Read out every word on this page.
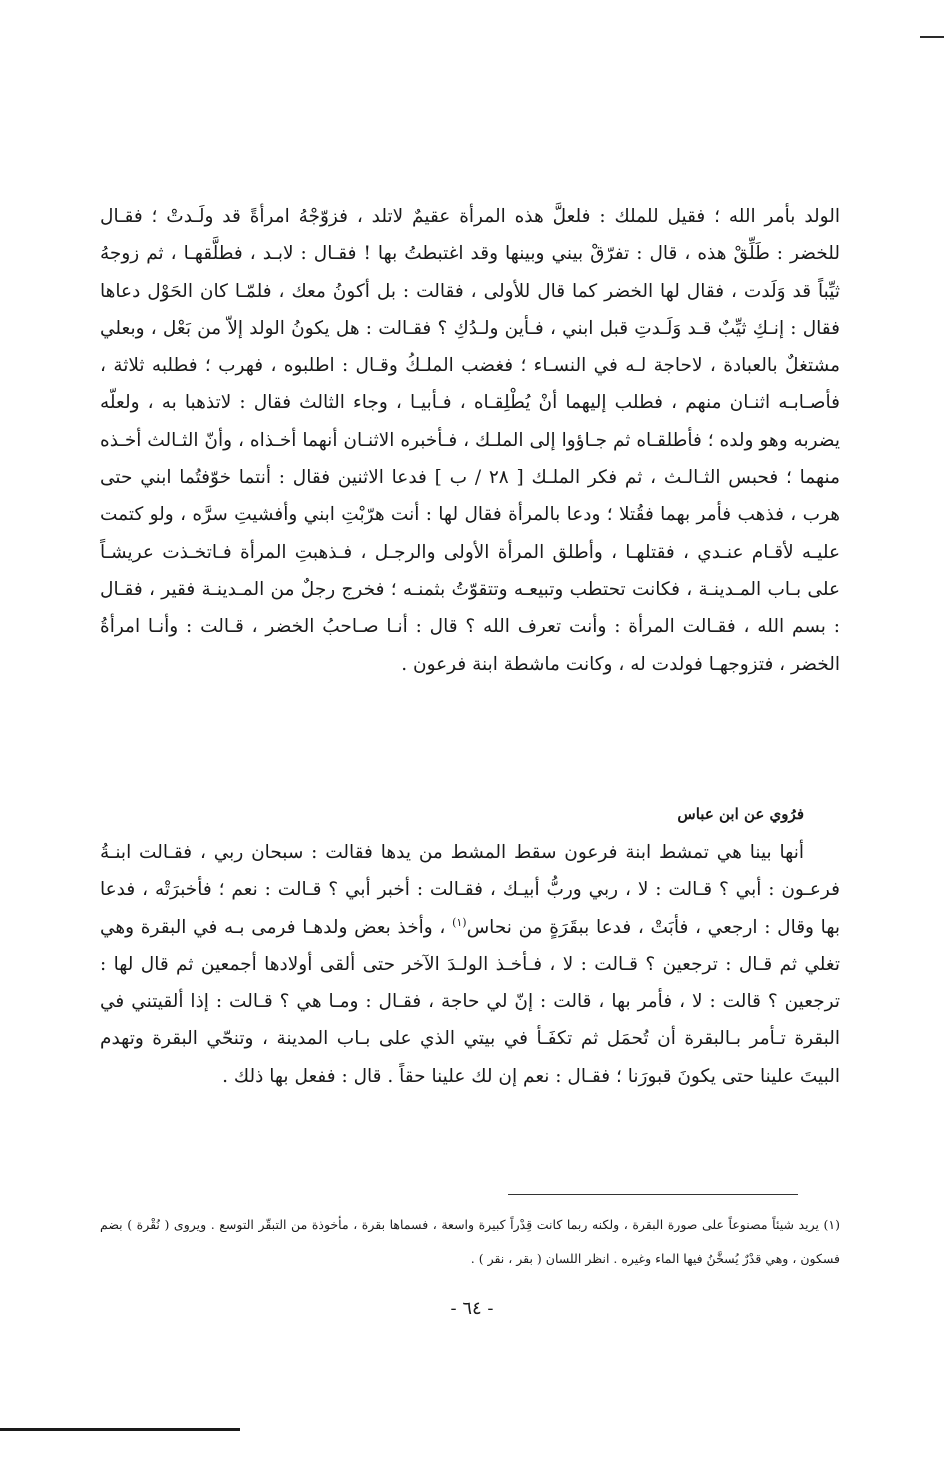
الولد بأمر الله ؛ فقيل للملك : فلعلَّ هذه المرأة عقيمٌ لاتلد ، فزوّجْهُ امرأةً قد ولَـدتْ ؛ فقـال للخضر : طَلِّقْ هذه ، قال : تفرّقْ بيني وبينها وقد اغتبطتُ بها ! فقـال : لابـد ، فطلَّقهـا ، ثم زوجهُ ثيِّباً قد وَلَدت ، فقال لها الخضر كما قال للأولى ، فقالت : بل أكونُ معك ، فلمّـا كان الحَوْل دعاها فقال : إنـكِ ثيِّبٌ قـد وَلَـدتِ قبل ابني ، فـأين ولـدُكِ ؟ فقـالت : هل يكونُ الولد إلاّ من بَعْل ، وبعلي مشتغلٌ بالعبادة ، لاحاجة لـه في النسـاء ؛ فغضب الملـكُ وقـال : اطلبوه ، فهرب ؛ فطلبه ثلاثة ، فأصـابـه اثنـان منهم ، فطلب إليهما أنْ يُطْلِقـاه ، فـأبيـا ، وجاء الثالث فقال : لاتذهبا به ، ولعلّه يضربه وهو ولده ؛ فأطلقـاه ثم جـاؤوا إلى الملـك ، فـأخبره الاثنـان أنهما أخـذاه ، وأنّ الثـالث أخـذه منهما ؛ فحبس الثـالـث ، ثم فكر الملـك [ ٢٨ / ب ] فدعا الاثنين فقال : أنتما خوّفتُما ابني حتى هرب ، فذهب فأمر بهما فقُتلا ؛ ودعا بالمرأة فقال لها : أنت هرّبْتِ ابني وأفشيتِ سرَّه ، ولو كتمت عليـه لأقـام عنـدي ، فقتلهـا ، وأطلق المرأة الأولى والرجـل ، فـذهبتِ المرأة فـاتخـذت عريشـاً على بـاب المـدينـة ، فكانت تحتطب وتبيعـه وتتقوّتُ بثمنـه ؛ فخرج رجلٌ من المـدينـة فقير ، فقـال : بسم الله ، فقـالت المرأة : وأنت تعرف الله ؟ قال : أنـا صـاحبُ الخضر ، قـالت : وأنـا امرأةُ الخضر ، فتزوجهـا فولدت له ، وكانت ماشطة ابنة فرعون .

فرُوي عن ابن عباس

أنها بينا هي تمشط ابنة فرعون سقط المشط من يدها فقالت : سبحان ربي ، فقـالت ابنـةُ فرعـون : أبي ؟ قـالت : لا ، ربي وربُّ أبيـك ، فقـالت : أخبر أبي ؟ قـالت : نعم ؛ فأخبرَتْه ، فدعا بها وقال : ارجعي ، فأبَتْ ، فدعا ببقَرَةٍ من نحاس$^{(١)}$ ، وأخذ بعض ولدهـا فرمى بـه في البقرة وهي تغلي ثم قـال : ترجعين ؟ قـالت : لا ، فـأخـذ الولـدَ الآخر حتى ألقى أولادها أجمعين ثم قال لها : ترجعين ؟ قالت : لا ، فأمر بها ، قالت : إنّ لي حاجة ، فقـال : ومـا هي ؟ قـالت : إذا ألقيتني في البقرة تـأمر بـالبقرة أن تُحمَل ثم تكفَـأ في بيتي الذي على بـاب المدينة ، وتنحّي البقرة وتهدم البيتَ علينا حتى يكونَ قبورَنا ؛ فقـال : نعم إن لك علينا حقاً . قال : ففعل بها ذلك .

(١) يريد شيئاً مصنوعاً على صورة البقرة ، ولكنه ربما كانت قِدْراً كبيرة واسعة ، فسماها بقرة ، مأخوذة من التبقّر التوسع . ويروى ( نُقْرة ) بضم فسكون ، وهي قدْرٌ يُسخَّنُ فيها الماء وغيره . انظر اللسان ( بقر ، نقر ) .
- ٦٤ -
